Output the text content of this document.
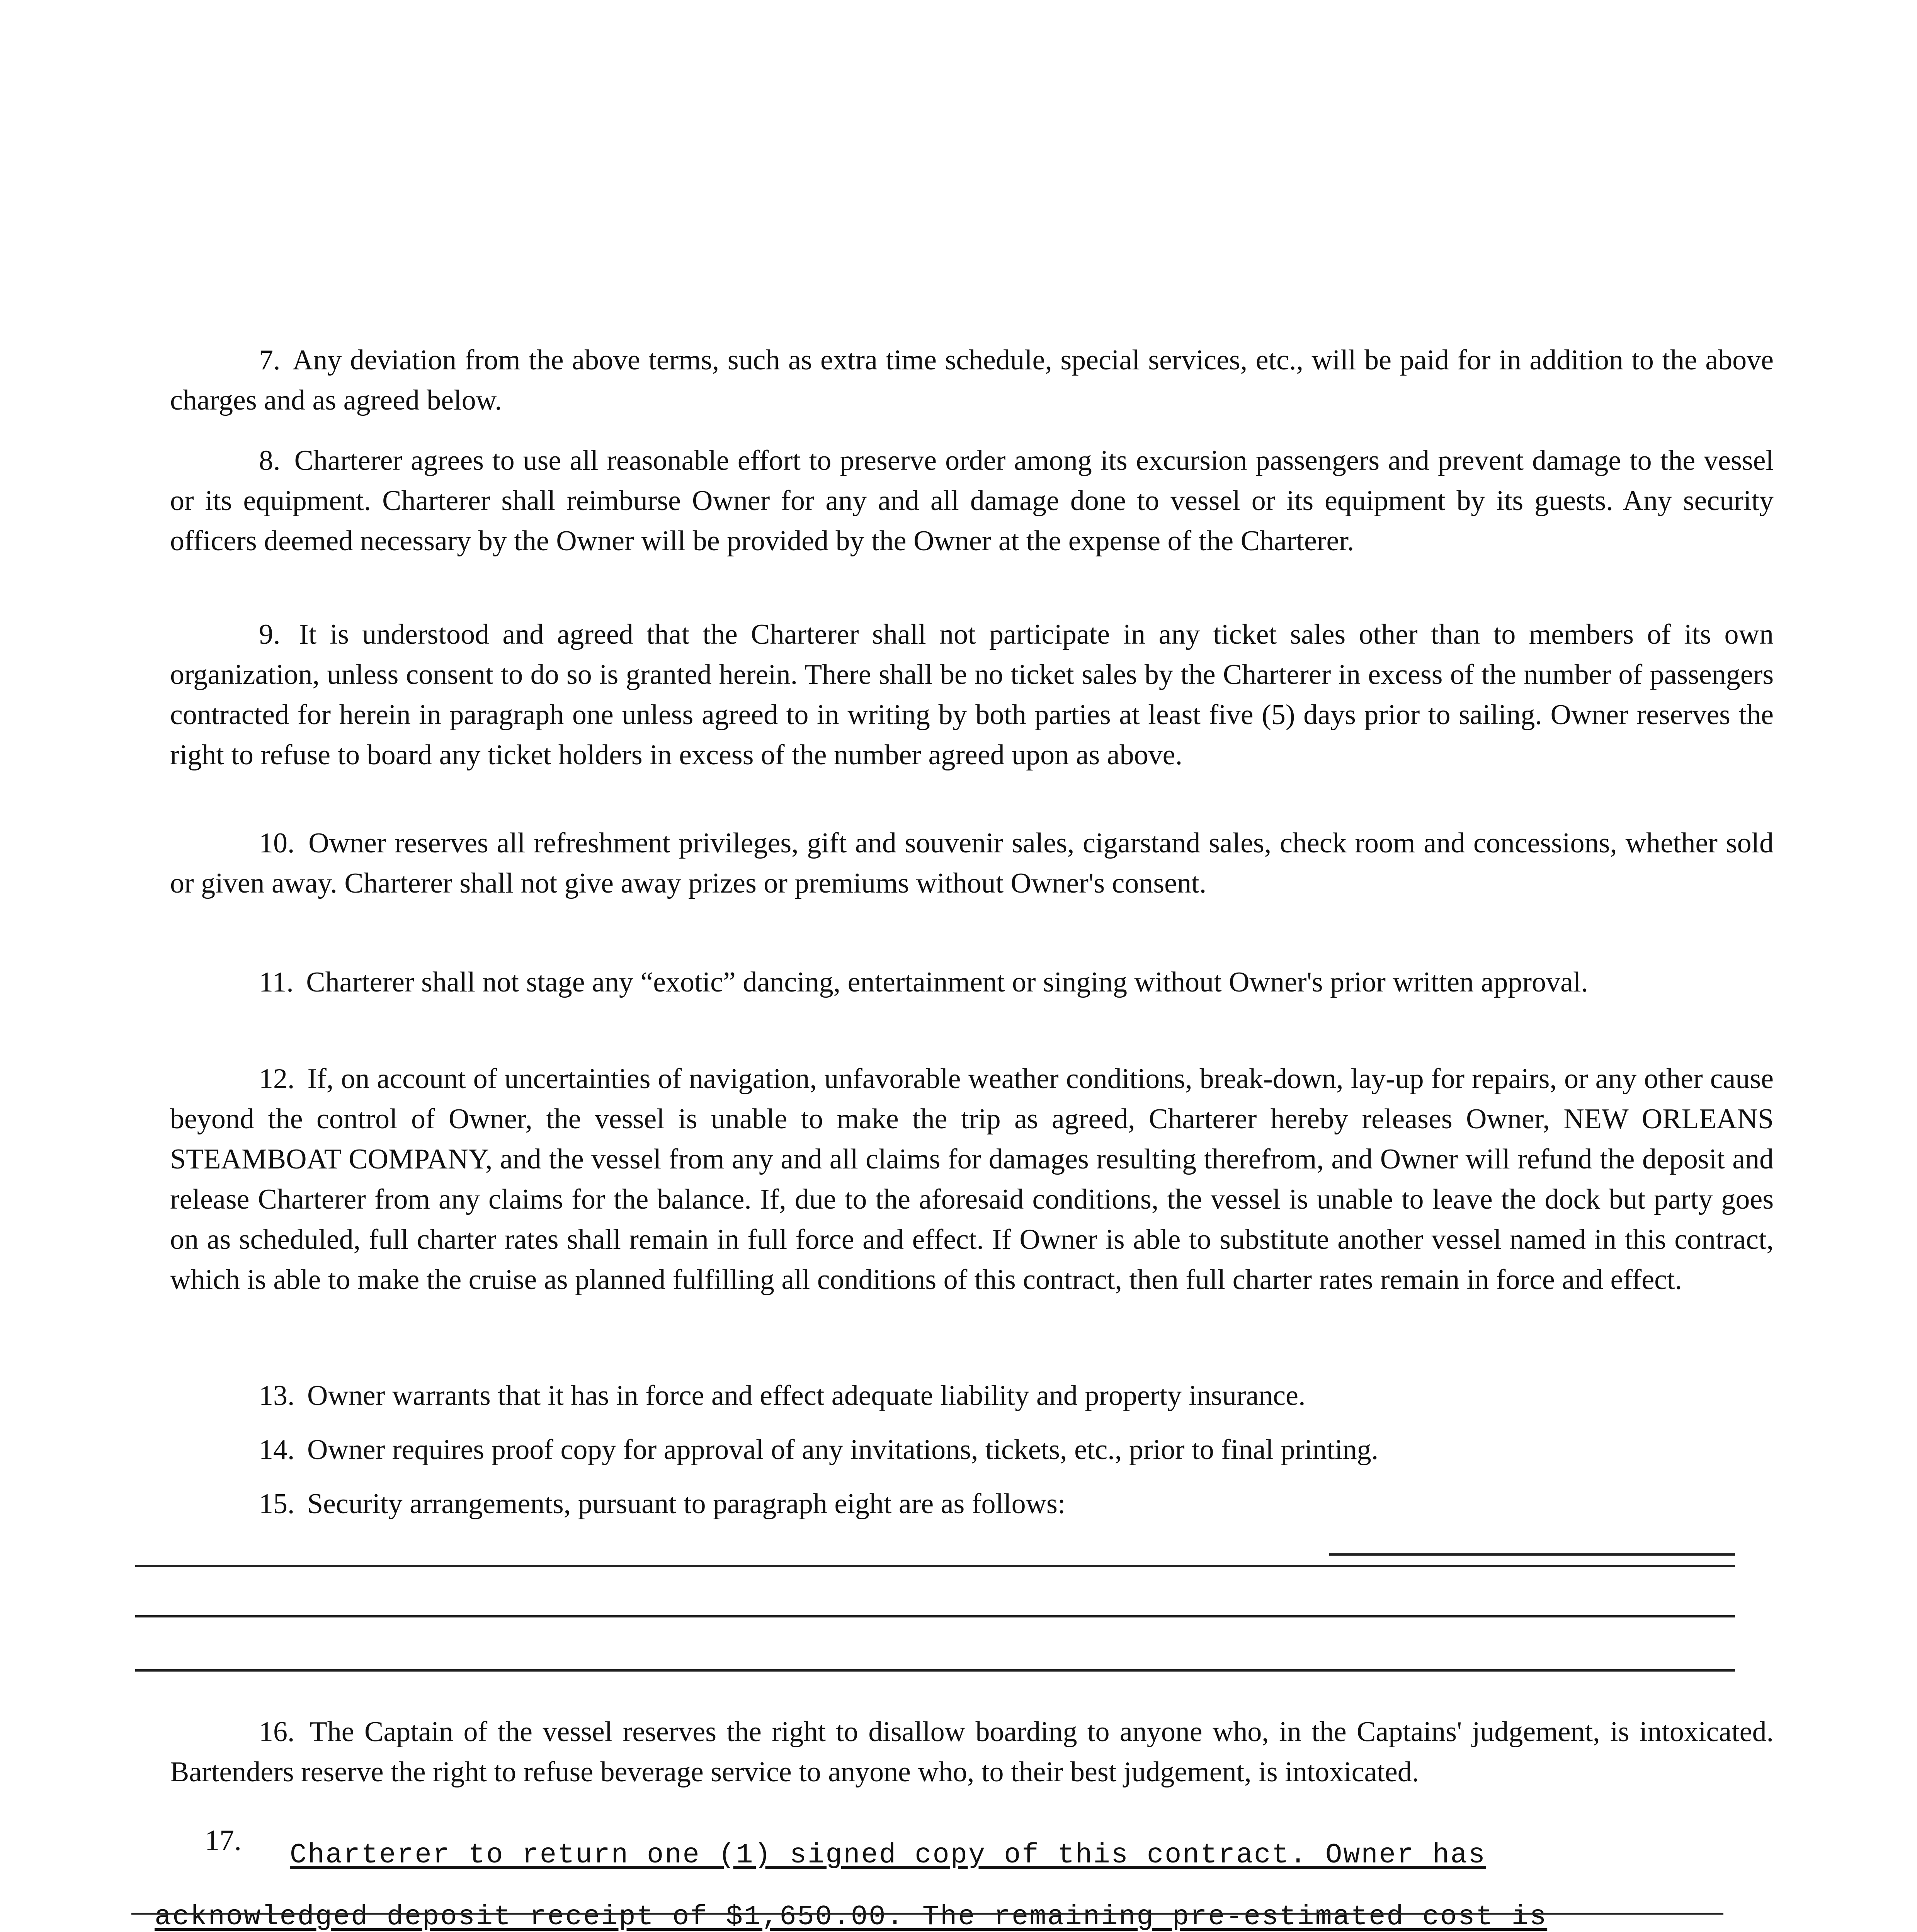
7. Any deviation from the above terms, such as extra time schedule, special services, etc., will be paid for in addition to the above charges and as agreed below.
8. Charterer agrees to use all reasonable effort to preserve order among its excursion passengers and prevent damage to the vessel or its equipment. Charterer shall reimburse Owner for any and all damage done to vessel or its equipment by its guests. Any security officers deemed necessary by the Owner will be provided by the Owner at the expense of the Charterer.
9. It is understood and agreed that the Charterer shall not participate in any ticket sales other than to members of its own organization, unless consent to do so is granted herein. There shall be no ticket sales by the Charterer in excess of the number of passengers contracted for herein in paragraph one unless agreed to in writing by both parties at least five (5) days prior to sailing. Owner reserves the right to refuse to board any ticket holders in excess of the number agreed upon as above.
10. Owner reserves all refreshment privileges, gift and souvenir sales, cigarstand sales, check room and concessions, whether sold or given away. Charterer shall not give away prizes or premiums without Owner's consent.
11. Charterer shall not stage any “exotic” dancing, entertainment or singing without Owner's prior written approval.
12. If, on account of uncertainties of navigation, unfavorable weather conditions, break-down, lay-up for repairs, or any other cause beyond the control of Owner, the vessel is unable to make the trip as agreed, Charterer hereby releases Owner, NEW ORLEANS STEAMBOAT COMPANY, and the vessel from any and all claims for damages resulting therefrom, and Owner will refund the deposit and release Charterer from any claims for the balance. If, due to the aforesaid conditions, the vessel is unable to leave the dock but party goes on as scheduled, full charter rates shall remain in full force and effect. If Owner is able to substitute another vessel named in this contract, which is able to make the cruise as planned fulfilling all conditions of this contract, then full charter rates remain in force and effect.
13. Owner warrants that it has in force and effect adequate liability and property insurance.
14. Owner requires proof copy for approval of any invitations, tickets, etc., prior to final printing.
15. Security arrangements, pursuant to paragraph eight are as follows:
16. The Captain of the vessel reserves the right to disallow boarding to anyone who, in the Captains' judgement, is intoxicated. Bartenders reserve the right to refuse beverage service to anyone who, to their best judgement, is intoxicated.
17. Charterer to return one (1) signed copy of this contract. Owner has
acknowledged deposit receipt of $1,650.00. The remaining pre-estimated cost is
